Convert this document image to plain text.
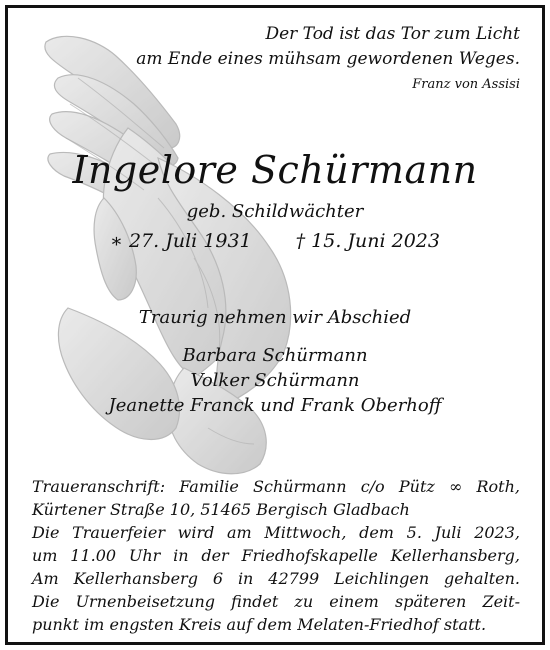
Der Tod ist das Tor zum Licht
am Ende eines mühsam gewordenen Weges.
Franz von Assisi
Ingelore Schürmann
geb. Schildwächter
∗ 27. Juli 1931 † 15. Juni 2023
Traurig nehmen wir Abschied
Barbara Schürmann
Volker Schürmann
Jeanette Franck und Frank Oberhoff
Traueranschrift: Familie Schürmann c/o Pütz ∞ Roth,
Kürtener Straße 10, 51465 Bergisch Gladbach
Die Trauerfeier wird am Mittwoch, dem 5. Juli 2023,
um 11.00 Uhr in der Friedhofskapelle Kellerhansberg,
Am Kellerhansberg 6 in 42799 Leichlingen gehalten.
Die Urnenbeisetzung findet zu einem späteren Zeit-
punkt im engsten Kreis auf dem Melaten-Friedhof statt.
